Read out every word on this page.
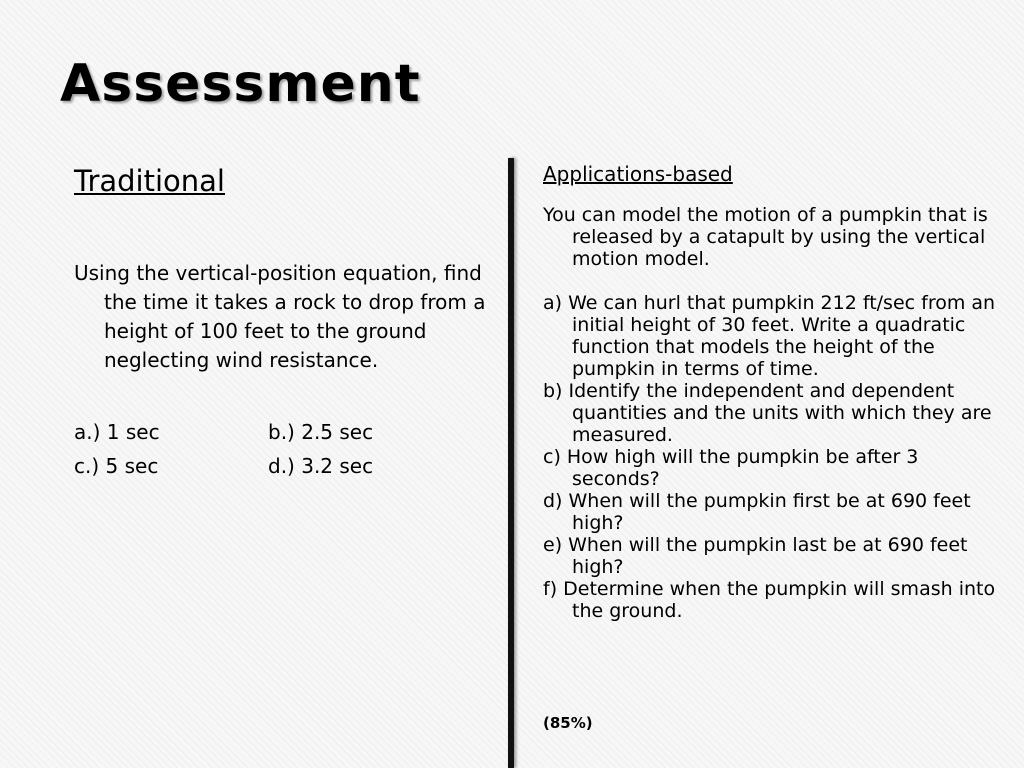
Assessment
Traditional

Using the vertical-position equation, find the time it takes a rock to drop from a height of 100 feet to the ground neglecting wind resistance.

a.) 1 sec	b.) 2.5 sec
c.) 5 sec	d.) 3.2 sec
Applications-based

You can model the motion of a pumpkin that is released by a catapult by using the vertical motion model.

a) We can hurl that pumpkin 212 ft/sec from an initial height of 30 feet. Write a quadratic function that models the height of the pumpkin in terms of time.
b) Identify the independent and dependent quantities and the units with which they are measured.
c) How high will the pumpkin be after 3 seconds?
d) When will the pumpkin first be at 690 feet high?
e) When will the pumpkin last be at 690 feet high?
f) Determine when the pumpkin will smash into the ground.
(85%)
